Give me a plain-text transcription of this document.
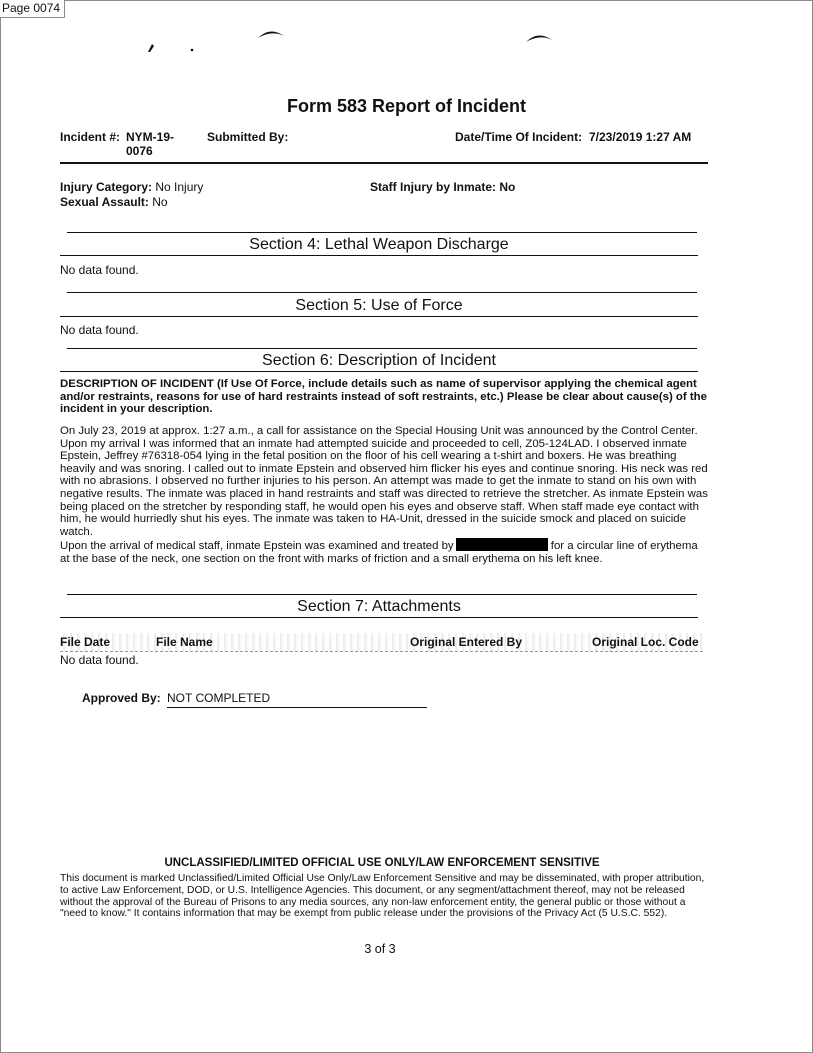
Page 0074
Form 583 Report of Incident
Incident #: NYM-19-
0076
Submitted By:	Date/Time Of Incident: 7/23/2019 1:27 AM
Injury Category: No Injury
Sexual Assault: No
Staff Injury by Inmate: No
Section 4: Lethal Weapon Discharge
No data found.
Section 5: Use of Force
No data found.
Section 6: Description of Incident
DESCRIPTION OF INCIDENT (If Use Of Force, include details such as name of supervisor applying the chemical agent and/or restraints, reasons for use of hard restraints instead of soft restraints, etc.) Please be clear about cause(s) of the incident in your description.

On July 23, 2019 at approx. 1:27 a.m., a call for assistance on the Special Housing Unit was announced by the Control Center. Upon my arrival I was informed that an inmate had attempted suicide and proceeded to cell, Z05-124LAD. I observed inmate Epstein, Jeffrey #76318-054 lying in the fetal position on the floor of his cell wearing a t-shirt and boxers. He was breathing heavily and was snoring. I called out to inmate Epstein and observed him flicker his eyes and continue snoring. His neck was red with no abrasions. I observed no further injuries to his person. An attempt was made to get the inmate to stand on his own with negative results. The inmate was placed in hand restraints and staff was directed to retrieve the stretcher. As inmate Epstein was being placed on the stretcher by responding staff, he would open his eyes and observe staff. When staff made eye contact with him, he would hurriedly shut his eyes. The inmate was taken to HA-Unit, dressed in the suicide smock and placed on suicide watch.

Upon the arrival of medical staff, inmate Epstein was examined and treated by	for a circular line of erythema at the base of the neck, one section on the front with marks of friction and a small erythema on his left knee.

Section 7: Attachments
File Date	File Name	Original Entered By	Original Loc. Code
No data found.
Approved By: NOT COMPLETED
UNCLASSIFIED/LIMITED OFFICIAL USE ONLY/LAW ENFORCEMENT SENSITIVE
This document is marked Unclassified/Limited Official Use Only/Law Enforcement Sensitive and may be disseminated, with proper attribution, to active Law Enforcement, DOD, or U.S. Intelligence Agencies. This document, or any segment/attachment thereof, may not be released without the approval of the Bureau of Prisons to any media sources, any non-law enforcement entity, the general public or those without a "need to know." It contains information that may be exempt from public release under the provisions of the Privacy Act (5 U.S.C. 552).
3 of 3
